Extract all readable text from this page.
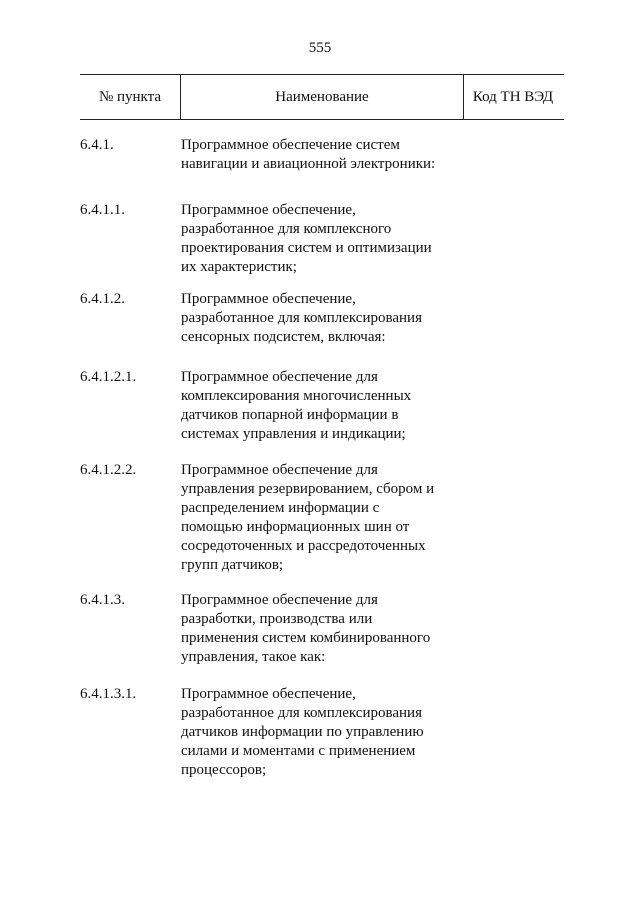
555
№ пункта	Наименование	Код ТН ВЭД
6.4.1.	Программное обеспечение систем
навигации и авиационной электроники:
6.4.1.1.	Программное обеспечение,
разработанное для комплексного
проектирования систем и оптимизации
их характеристик;
6.4.1.2.	Программное обеспечение,
разработанное для комплексирования
сенсорных подсистем, включая:
6.4.1.2.1.	Программное обеспечение для
комплексирования многочисленных
датчиков попарной информации в
системах управления и индикации;
6.4.1.2.2.	Программное обеспечение для
управления резервированием, сбором и
распределением информации с
помощью информационных шин от
сосредоточенных и рассредоточенных
групп датчиков;
6.4.1.3.	Программное обеспечение для
разработки, производства или
применения систем комбинированного
управления, такое как:
6.4.1.3.1.	Программное обеспечение,
разработанное для комплексирования
датчиков информации по управлению
силами и моментами с применением
процессоров;
